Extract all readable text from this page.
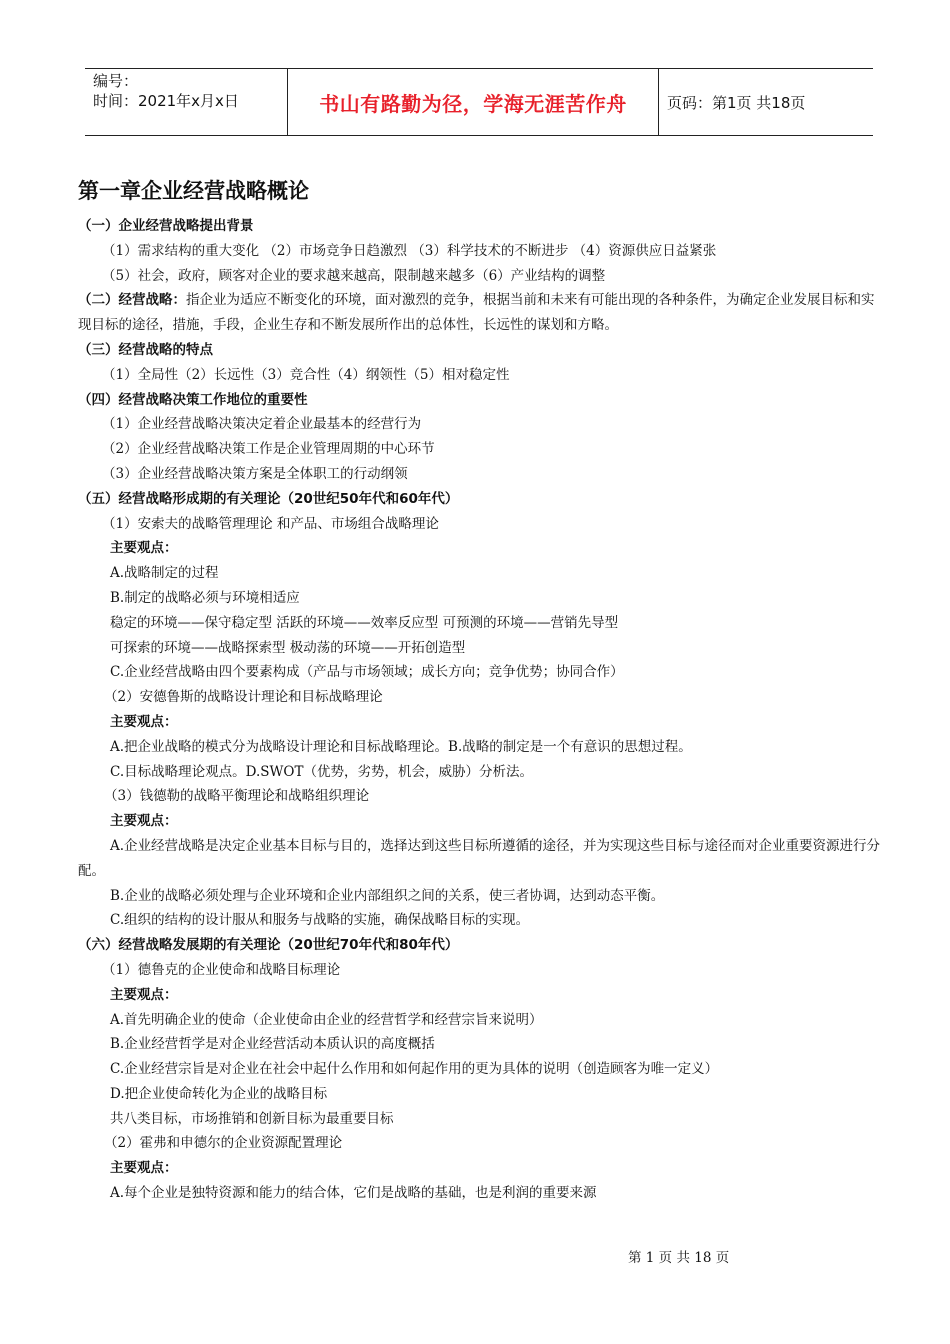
编号：
时间：2021年x月x日	书山有路勤为径，学海无涯苦作舟	页码：第1页 共18页
第一章企业经营战略概论
（一）企业经营战略提出背景
（1）需求结构的重大变化 （2）市场竞争日趋激烈 （3）科学技术的不断进步 （4）资源供应日益紧张
（5）社会，政府，顾客对企业的要求越来越高，限制越来越多（6）产业结构的调整
（二）经营战略：指企业为适应不断变化的环境，面对激烈的竞争，根据当前和未来有可能出现的各种条件，为确定企业发展目标和实现目标的途径，措施，手段，企业生存和不断发展所作出的总体性，长远性的谋划和方略。
（三）经营战略的特点
（1）全局性（2）长远性（3）竞合性（4）纲领性（5）相对稳定性
（四）经营战略决策工作地位的重要性
（1）企业经营战略决策决定着企业最基本的经营行为
（2）企业经营战略决策工作是企业管理周期的中心环节
（3）企业经营战略决策方案是全体职工的行动纲领
（五）经营战略形成期的有关理论（20世纪50年代和60年代）
（1）安索夫的战略管理理论 和产品、市场组合战略理论
主要观点：
A.战略制定的过程
B.制定的战略必须与环境相适应
稳定的环境——保守稳定型 活跃的环境——效率反应型 可预测的环境——营销先导型
可探索的环境——战略探索型 极动荡的环境——开拓创造型
C.企业经营战略由四个要素构成（产品与市场领域；成长方向；竞争优势；协同合作）
（2）安德鲁斯的战略设计理论和目标战略理论
主要观点：
A.把企业战略的模式分为战略设计理论和目标战略理论。B.战略的制定是一个有意识的思想过程。
C.目标战略理论观点。D.SWOT（优势，劣势，机会，威胁）分析法。
（3）钱德勒的战略平衡理论和战略组织理论
主要观点：
A.企业经营战略是决定企业基本目标与目的，选择达到这些目标所遵循的途径，并为实现这些目标与途径而对企业重要资源进行分配。
B.企业的战略必须处理与企业环境和企业内部组织之间的关系，使三者协调，达到动态平衡。
C.组织的结构的设计服从和服务与战略的实施，确保战略目标的实现。
（六）经营战略发展期的有关理论（20世纪70年代和80年代）
（1）德鲁克的企业使命和战略目标理论
主要观点：
A.首先明确企业的使命（企业使命由企业的经营哲学和经营宗旨来说明）
B.企业经营哲学是对企业经营活动本质认识的高度概括
C.企业经营宗旨是对企业在社会中起什么作用和如何起作用的更为具体的说明（创造顾客为唯一定义）
D.把企业使命转化为企业的战略目标
共八类目标，市场推销和创新目标为最重要目标
（2）霍弗和申德尔的企业资源配置理论
主要观点：
A.每个企业是独特资源和能力的结合体，它们是战略的基础，也是利润的重要来源
第 1 页 共 18 页
